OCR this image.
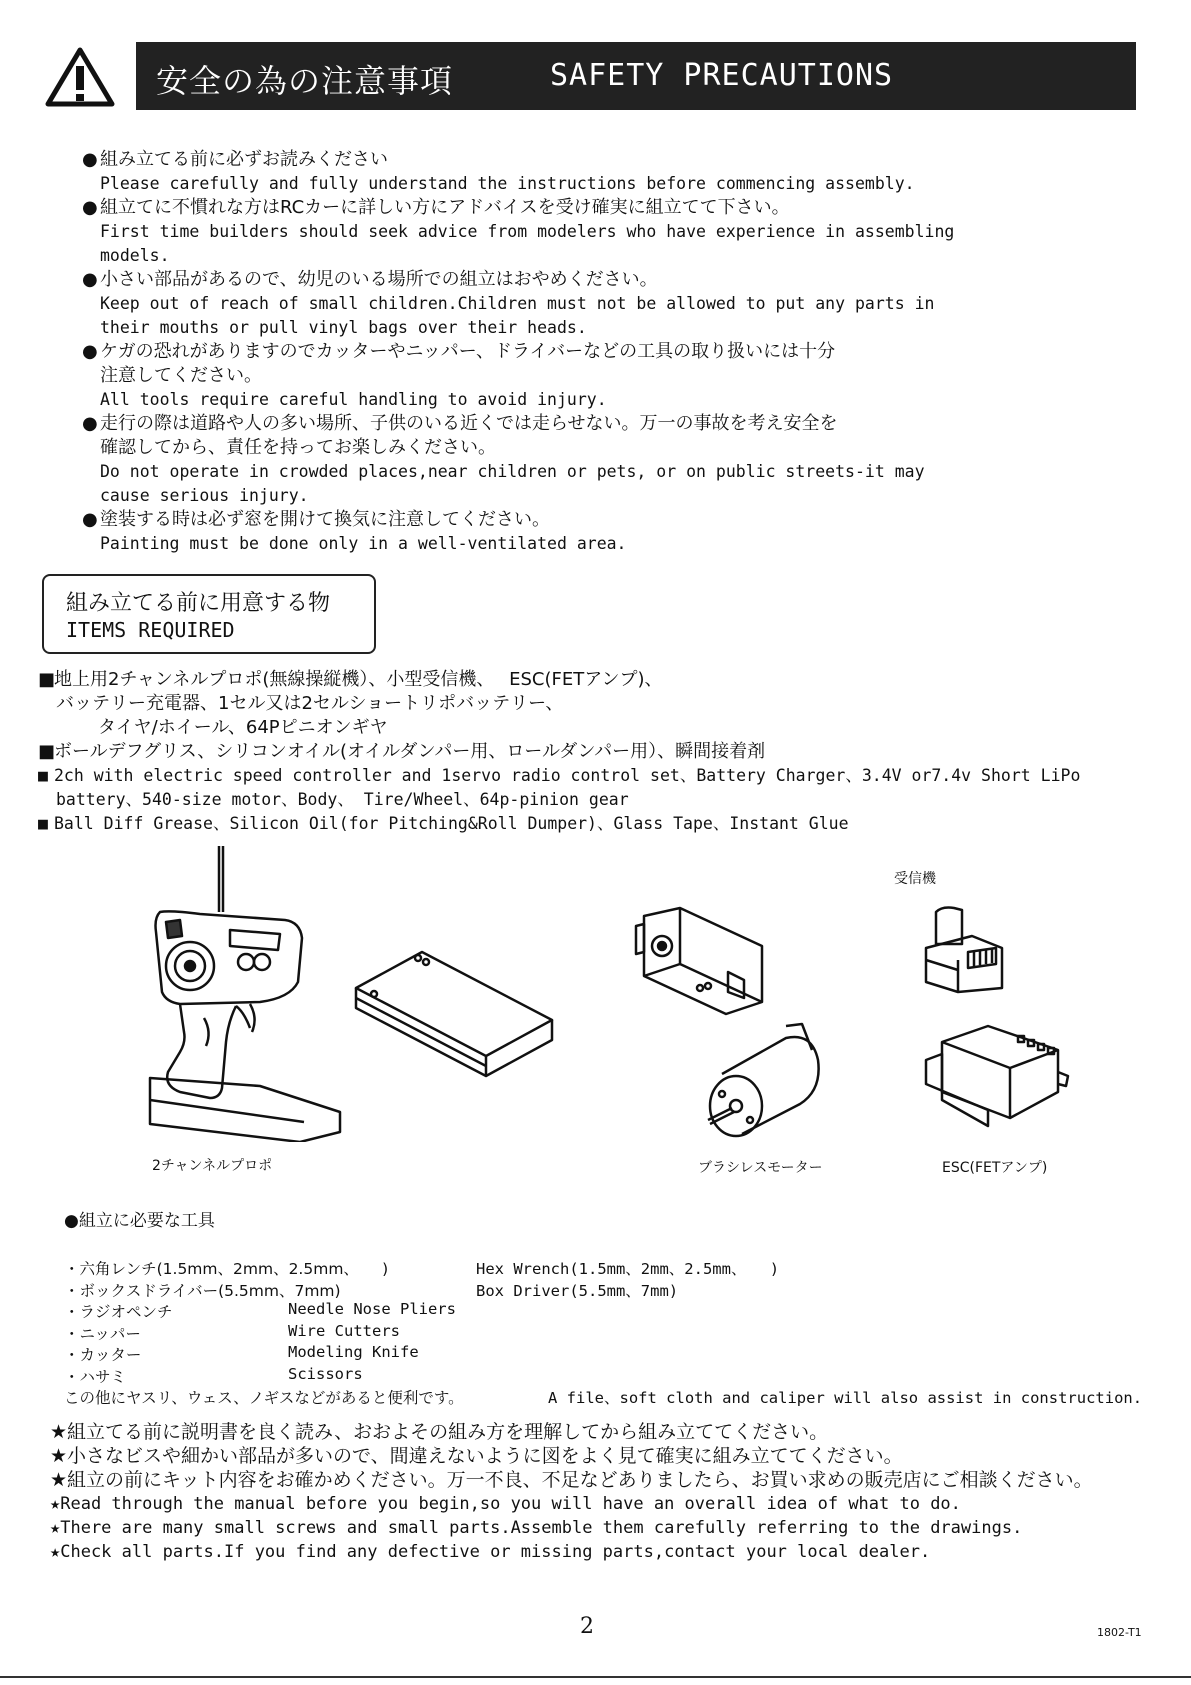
安全の為の注意事項	SAFETY PRECAUTIONS
● 組み立てる前に必ずお読みください
Please carefully and fully understand the instructions before commencing assembly.
● 組立てに不慣れな方はRCカーに詳しい方にアドバイスを受け確実に組立てて下さい。
First time builders should seek advice from modelers who have experience in assembling
models.
● 小さい部品があるので、幼児のいる場所での組立はおやめください。
Keep out of reach of small children.Children must not be allowed to put any parts in
their mouths or pull vinyl bags over their heads.
● ケガの恐れがありますのでカッターやニッパー、ドライバーなどの工具の取り扱いには十分
注意してください。
All tools require careful handling to avoid injury.
● 走行の際は道路や人の多い場所、子供のいる近くでは走らせない。万一の事故を考え安全を
確認してから、責任を持ってお楽しみください。
Do not operate in crowded places,near children or pets, or on public streets-it may
cause serious injury.
● 塗装する時は必ず窓を開けて換気に注意してください。
Painting must be done only in a well-ventilated area.
組み立てる前に用意する物
ITEMS REQUIRED
■地上用2チャンネルプロポ(無線操縦機）、小型受信機、　 ESC(FETアンプ)、
バッテリー充電器、1セル又は2セルショートリポバッテリー、
タイヤ/ホイール、64Pピニオンギヤ
■ボールデフグリス、シリコンオイル(オイルダンパー用、ロールダンパー用）、瞬間接着剤
■ 2ch with electric speed controller and 1servo radio control set、Battery Charger、3.4V or7.4v Short LiPo
battery、540-size motor、Body、 Tire/Wheel、64p-pinion gear
■ Ball Diff Grease、Silicon Oil(for Pitching&Roll Dumper)、Glass Tape、Instant Glue
2チャンネルプロポ
受信機
ブラシレスモーター	ESC(FETアンプ)
●組立に必要な工具
・六角レンチ(1.5mm、2mm、2.5mm、　　)	Hex Wrench(1.5mm、2mm、2.5mm、　　)
・ボックスドライバー(5.5mm、7mm)	Box Driver(5.5mm、7mm)
・ラジオペンチ	Needle Nose Pliers
・ニッパー	Wire Cutters
・カッター	Modeling Knife
・ハサミ	Scissors
この他にヤスリ、ウェス、ノギスなどがあると便利です。	A file、soft cloth and caliper will also assist in construction.
★組立てる前に説明書を良く読み、おおよその組み方を理解してから組み立ててください。
★小さなビスや細かい部品が多いので、間違えないように図をよく見て確実に組み立ててください。
★組立の前にキット内容をお確かめください。万一不良、不足などありましたら、お買い求めの販売店にご相談ください。
★Read through the manual before you begin,so you will have an overall idea of what to do.
★There are many small screws and small parts.Assemble them carefully referring to the drawings.
★Check all parts.If you find any defective or missing parts,contact your local dealer.
2	1802-T1
